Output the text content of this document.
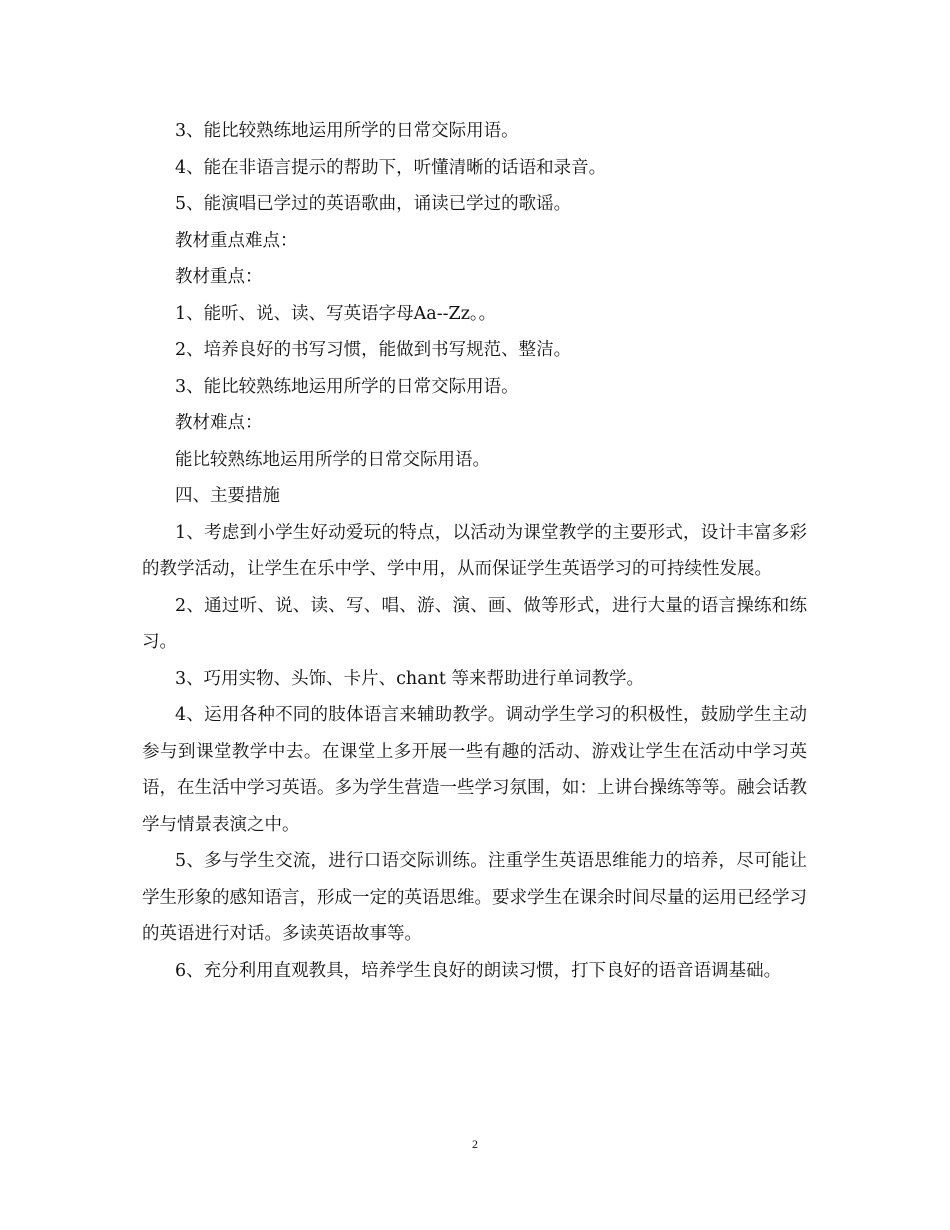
3、能比较熟练地运用所学的日常交际用语。

4、能在非语言提示的帮助下，听懂清晰的话语和录音。

5、能演唱已学过的英语歌曲，诵读已学过的歌谣。

教材重点难点：

教材重点：

1、能听、说、读、写英语字母Aa--Zz。。

2、培养良好的书写习惯，能做到书写规范、整洁。

3、能比较熟练地运用所学的日常交际用语。

教材难点：

能比较熟练地运用所学的日常交际用语。

四、主要措施

1、考虑到小学生好动爱玩的特点，以活动为课堂教学的主要形式，设计丰富多彩的教学活动，让学生在乐中学、学中用，从而保证学生英语学习的可持续性发展。

2、通过听、说、读、写、唱、游、演、画、做等形式，进行大量的语言操练和练习。

3、巧用实物、头饰、卡片、chant 等来帮助进行单词教学。

4、运用各种不同的肢体语言来辅助教学。调动学生学习的积极性，鼓励学生主动参与到课堂教学中去。在课堂上多开展一些有趣的活动、游戏让学生在活动中学习英语，在生活中学习英语。多为学生营造一些学习氛围，如：上讲台操练等等。融会话教学与情景表演之中。

5、多与学生交流，进行口语交际训练。注重学生英语思维能力的培养，尽可能让学生形象的感知语言，形成一定的英语思维。要求学生在课余时间尽量的运用已经学习的英语进行对话。多读英语故事等。

6、充分利用直观教具，培养学生良好的朗读习惯，打下良好的语音语调基础。

2
